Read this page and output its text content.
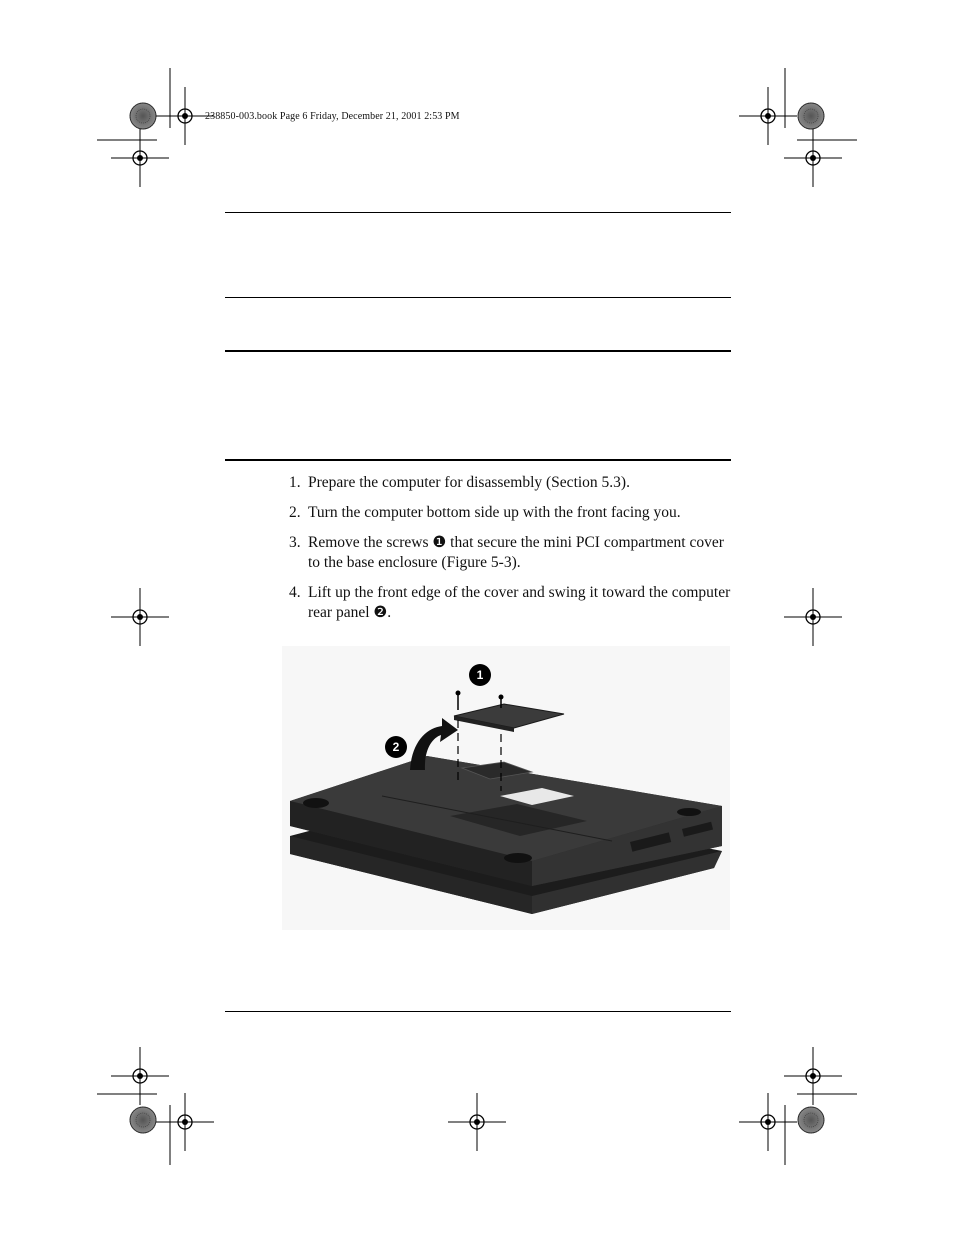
238850-003.book Page 6 Friday, December 21, 2001 2:53 PM
1. Prepare the computer for disassembly (Section 5.3).
2. Turn the computer bottom side up with the front facing you.
3. Remove the screws ❶ that secure the mini PCI compartment cover to the base enclosure (Figure 5-3).
4. Lift up the front edge of the cover and swing it toward the computer rear panel ❷.
1
2
